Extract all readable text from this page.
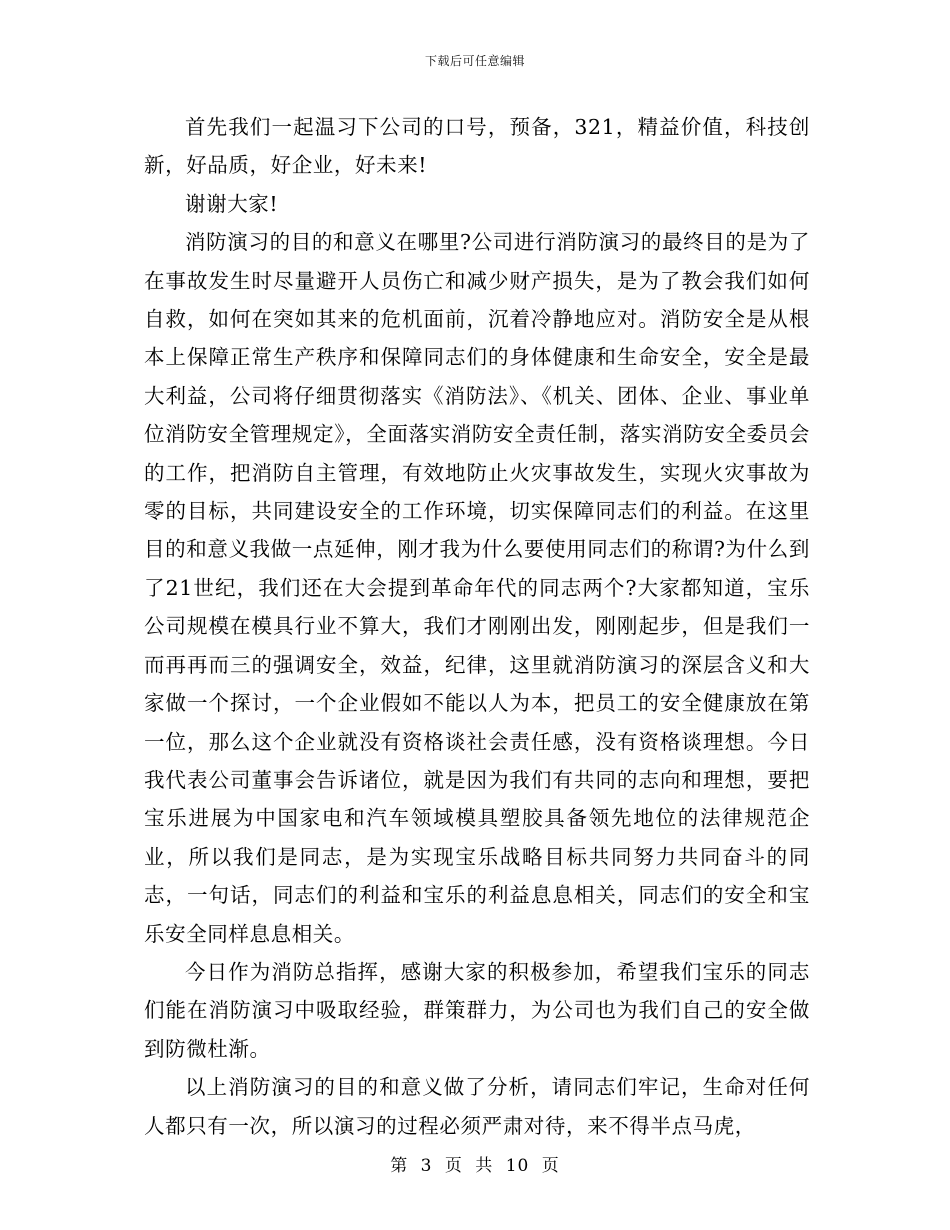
下载后可任意编辑

首先我们一起温习下公司的口号，预备，321，精益价值，科技创新，好品质，好企业，好未来!

谢谢大家!

消防演习的目的和意义在哪里?公司进行消防演习的最终目的是为了在事故发生时尽量避开人员伤亡和减少财产损失，是为了教会我们如何自救，如何在突如其来的危机面前，沉着冷静地应对。消防安全是从根本上保障正常生产秩序和保障同志们的身体健康和生命安全，安全是最大利益，公司将仔细贯彻落实《消防法》、《机关、团体、企业、事业单位消防安全管理规定》，全面落实消防安全责任制，落实消防安全委员会的工作，把消防自主管理，有效地防止火灾事故发生，实现火灾事故为零的目标，共同建设安全的工作环境，切实保障同志们的利益。在这里目的和意义我做一点延伸，刚才我为什么要使用同志们的称谓?为什么到了21世纪，我们还在大会提到革命年代的同志两个?大家都知道，宝乐公司规模在模具行业不算大，我们才刚刚出发，刚刚起步，但是我们一而再再而三的强调安全，效益，纪律，这里就消防演习的深层含义和大家做一个探讨，一个企业假如不能以人为本，把员工的安全健康放在第一位，那么这个企业就没有资格谈社会责任感，没有资格谈理想。今日我代表公司董事会告诉诸位，就是因为我们有共同的志向和理想，要把宝乐进展为中国家电和汽车领域模具塑胶具备领先地位的法律规范企业，所以我们是同志，是为实现宝乐战略目标共同努力共同奋斗的同志，一句话，同志们的利益和宝乐的利益息息相关，同志们的安全和宝乐安全同样息息相关。

今日作为消防总指挥，感谢大家的积极参加，希望我们宝乐的同志们能在消防演习中吸取经验，群策群力，为公司也为我们自己的安全做到防微杜渐。

以上消防演习的目的和意义做了分析，请同志们牢记，生命对任何人都只有一次，所以演习的过程必须严肃对待，来不得半点马虎，

第 3 页 共 10 页
